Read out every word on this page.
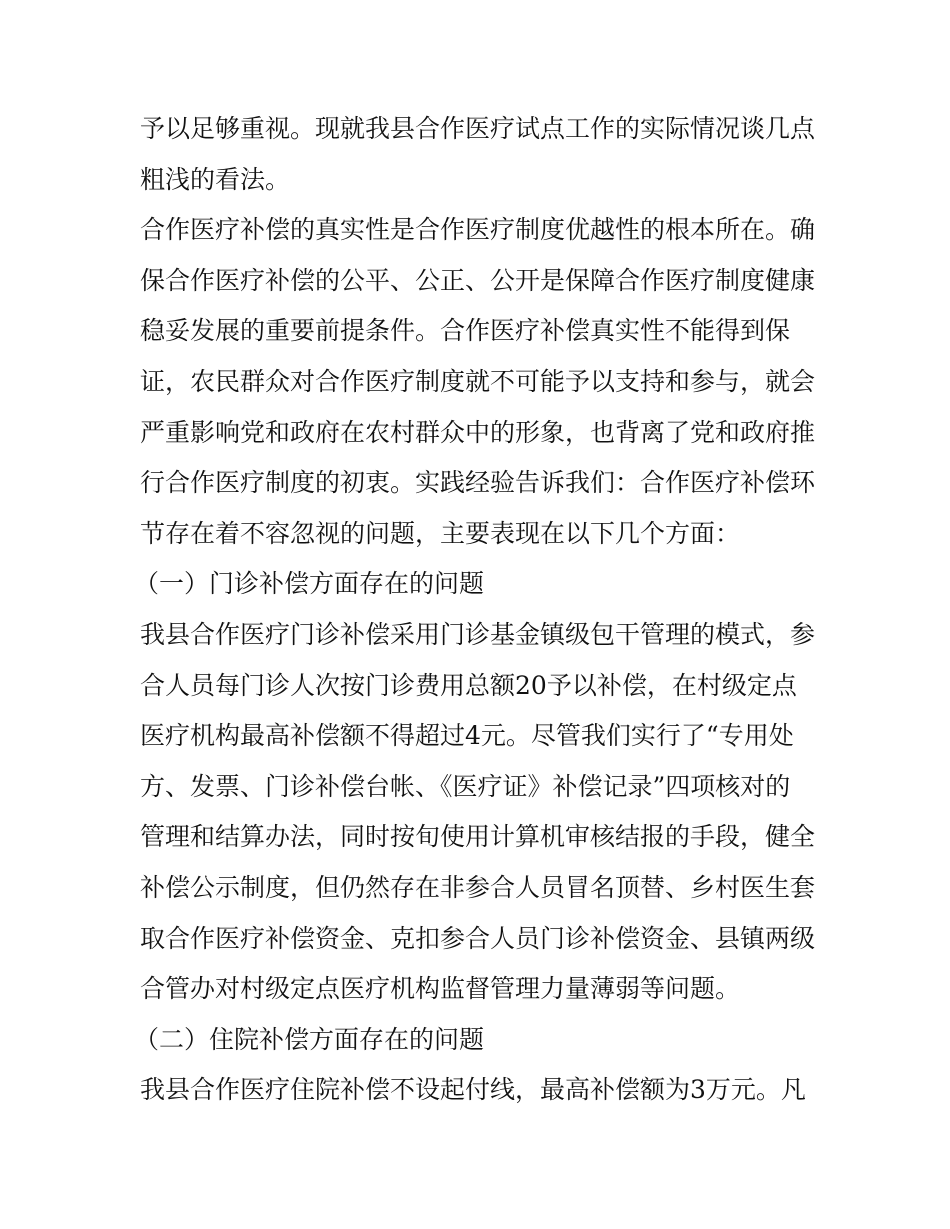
予以足够重视。现就我县合作医疗试点工作的实际情况谈几点
粗浅的看法。
合作医疗补偿的真实性是合作医疗制度优越性的根本所在。确
保合作医疗补偿的公平、公正、公开是保障合作医疗制度健康
稳妥发展的重要前提条件。合作医疗补偿真实性不能得到保
证，农民群众对合作医疗制度就不可能予以支持和参与，就会
严重影响党和政府在农村群众中的形象，也背离了党和政府推
行合作医疗制度的初衷。实践经验告诉我们：合作医疗补偿环
节存在着不容忽视的问题，主要表现在以下几个方面：
（一）门诊补偿方面存在的问题
我县合作医疗门诊补偿采用门诊基金镇级包干管理的模式，参
合人员每门诊人次按门诊费用总额20予以补偿，在村级定点
医疗机构最高补偿额不得超过4元。尽管我们实行了“专用处
方、发票、门诊补偿台帐、《医疗证》补偿记录”四项核对的
管理和结算办法，同时按旬使用计算机审核结报的手段，健全
补偿公示制度，但仍然存在非参合人员冒名顶替、乡村医生套
取合作医疗补偿资金、克扣参合人员门诊补偿资金、县镇两级
合管办对村级定点医疗机构监督管理力量薄弱等问题。
（二）住院补偿方面存在的问题
我县合作医疗住院补偿不设起付线，最高补偿额为3万元。凡
